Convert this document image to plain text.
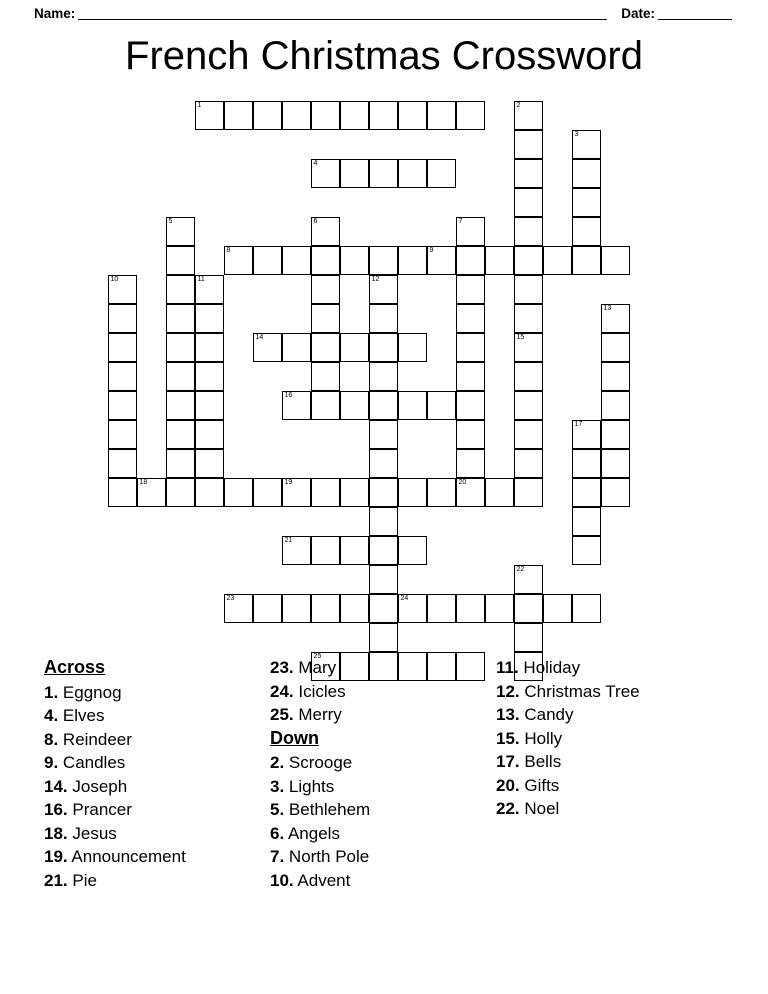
Name:	Date:
French Christmas Crossword
1	2
15
3
4
5	6	7
20
8	9
10	11	12
13
14
16
17
18	19
21
22
23	24
25
Across
1. Eggnog
4. Elves
8. Reindeer
9. Candles
14. Joseph
16. Prancer
18. Jesus
19. Announcement
21. Pie
23. Mary
24. Icicles
25. Merry
Down
2. Scrooge
3. Lights
5. Bethlehem
6. Angels
7. North Pole
10. Advent
11. Holiday
12. Christmas Tree
13. Candy
15. Holly
17. Bells
20. Gifts
22. Noel
